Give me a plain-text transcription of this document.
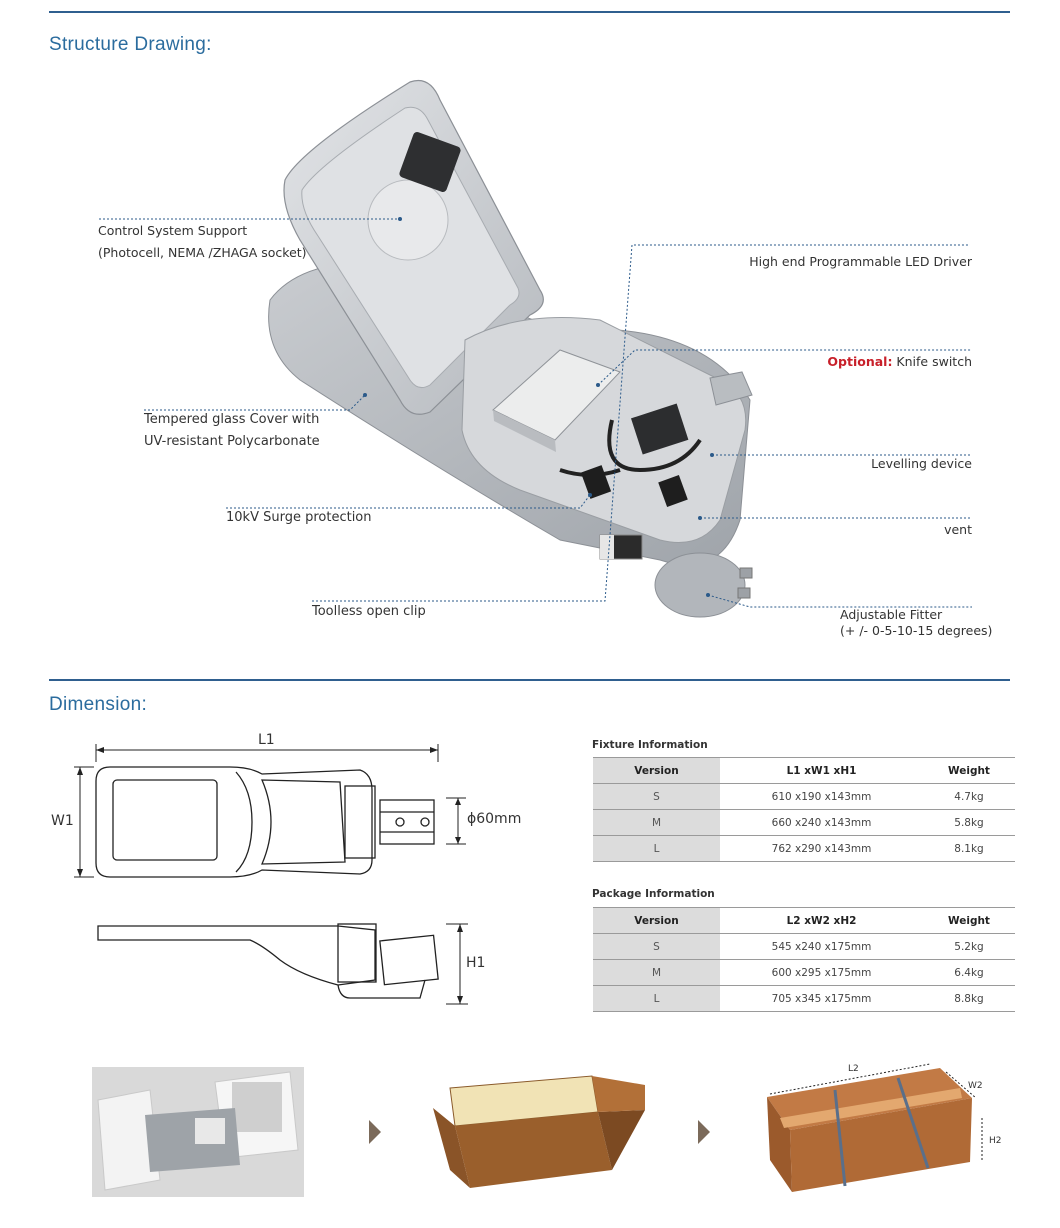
Structure Drawing:
Dimension:
Control System Support
(Photocell, NEMA /ZHAGA socket)
Tempered glass Cover with
UV-resistant Polycarbonate
10kV Surge protection
Toolless open clip
High end Programmable LED Driver
Optional: Knife switch
Levelling device
vent
Adjustable Fitter
(+ /- 0-5-10-15 degrees)
L1
W1	ϕ60mm
H1
Fixture Information
Version	L1 xW1 xH1	Weight
S	610 x190 x143mm	4.7kg
M	660 x240 x143mm	5.8kg
L	762 x290 x143mm	8.1kg
Package Information
Version	L2 xW2 xH2	Weight
S	545 x240 x175mm	5.2kg
M	600 x295 x175mm	6.4kg
L	705 x345 x175mm	8.8kg
L2
W2
H2
